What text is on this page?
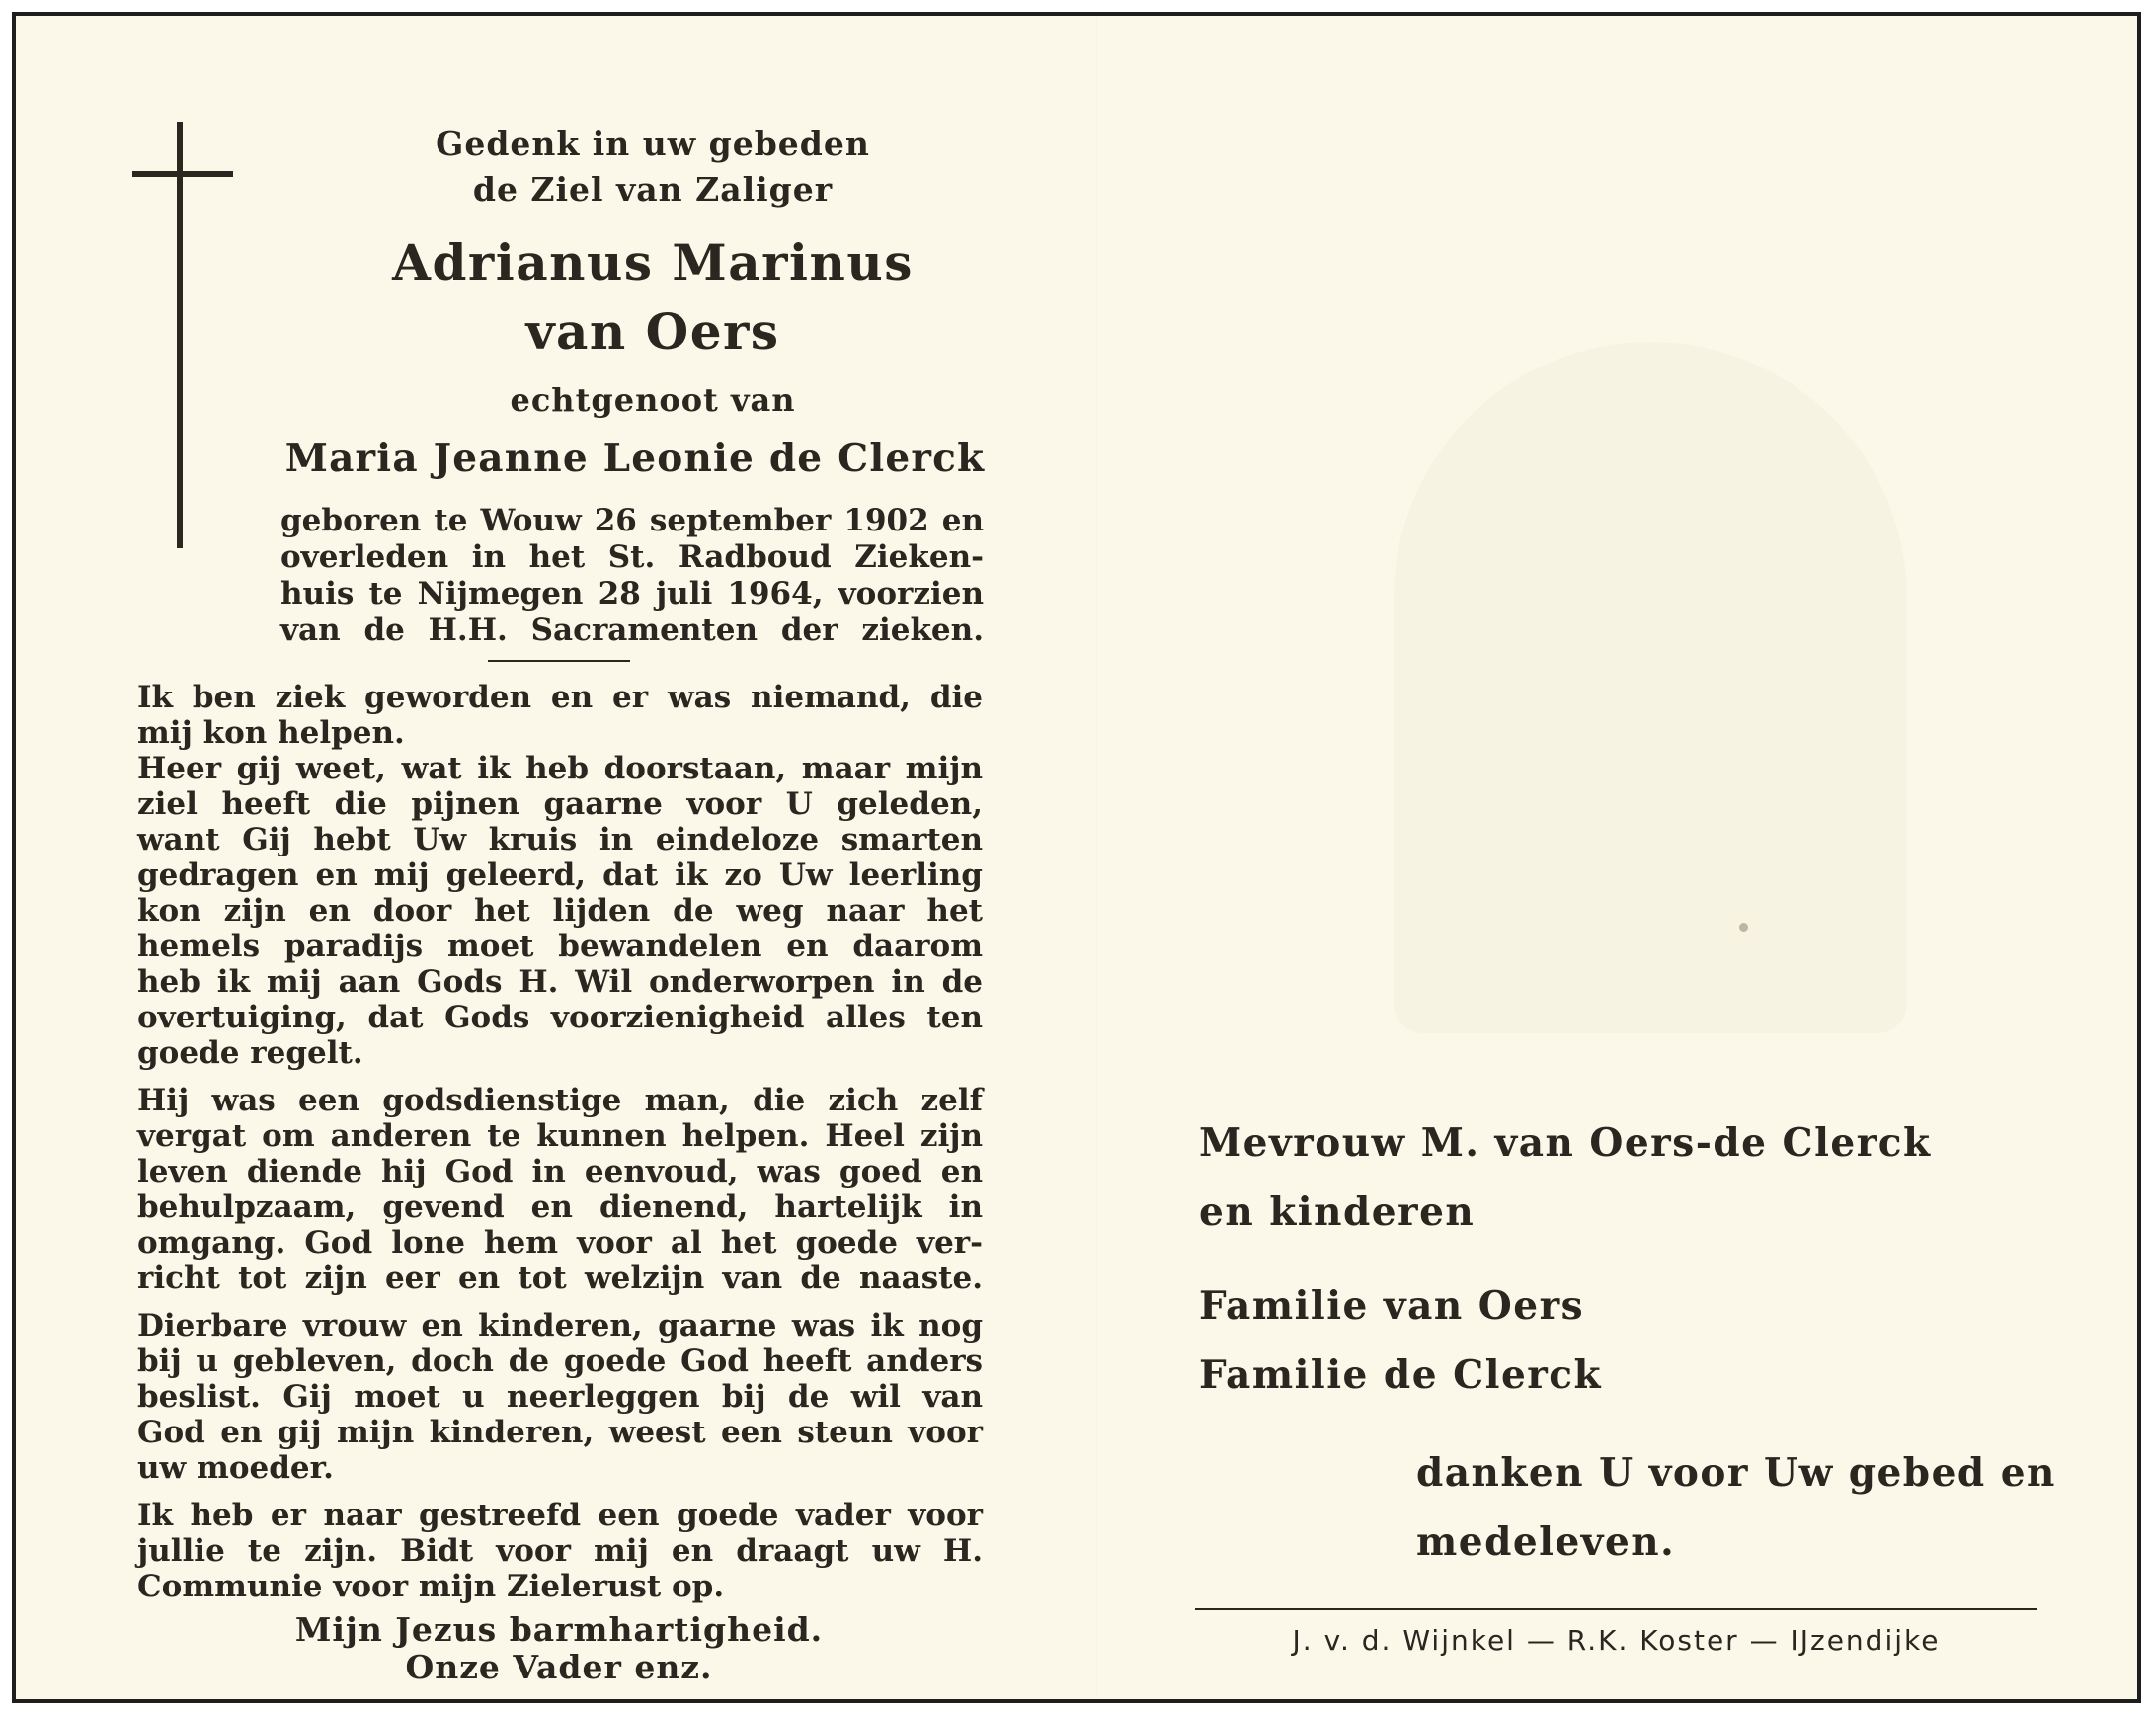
Gedenk in uw gebeden
de Ziel van Zaliger
Adrianus Marinus
van Oers
echtgenoot van
Maria Jeanne Leonie de Clerck
geboren te Wouw 26 september 1902 en
overleden in het St. Radboud Zieken-
huis te Nijmegen 28 juli 1964, voorzien
van de H.H. Sacramenten der zieken.
Ik ben ziek geworden en er was niemand, die
mij kon helpen.
Heer gij weet, wat ik heb doorstaan, maar mijn
ziel heeft die pijnen gaarne voor U geleden,
want Gij hebt Uw kruis in eindeloze smarten
gedragen en mij geleerd, dat ik zo Uw leerling
kon zijn en door het lijden de weg naar het
hemels paradijs moet bewandelen en daarom
heb ik mij aan Gods H. Wil onderworpen in de
overtuiging, dat Gods voorzienigheid alles ten
goede regelt.
Hij was een godsdienstige man, die zich zelf
vergat om anderen te kunnen helpen. Heel zijn
leven diende hij God in eenvoud, was goed en
behulpzaam, gevend en dienend, hartelijk in
omgang. God lone hem voor al het goede ver-
richt tot zijn eer en tot welzijn van de naaste.
Dierbare vrouw en kinderen, gaarne was ik nog
bij u gebleven, doch de goede God heeft anders
beslist. Gij moet u neerleggen bij de wil van
God en gij mijn kinderen, weest een steun voor
uw moeder.
Ik heb er naar gestreefd een goede vader voor
jullie te zijn. Bidt voor mij en draagt uw H.
Communie voor mijn Zielerust op.
Mijn Jezus barmhartigheid.
Onze Vader enz.
Mevrouw M. van Oers-de Clerck
en kinderen
Familie van Oers
Familie de Clerck
danken U voor Uw gebed en
medeleven.
J. v. d. Wijnkel — R.K. Koster — IJzendijke
